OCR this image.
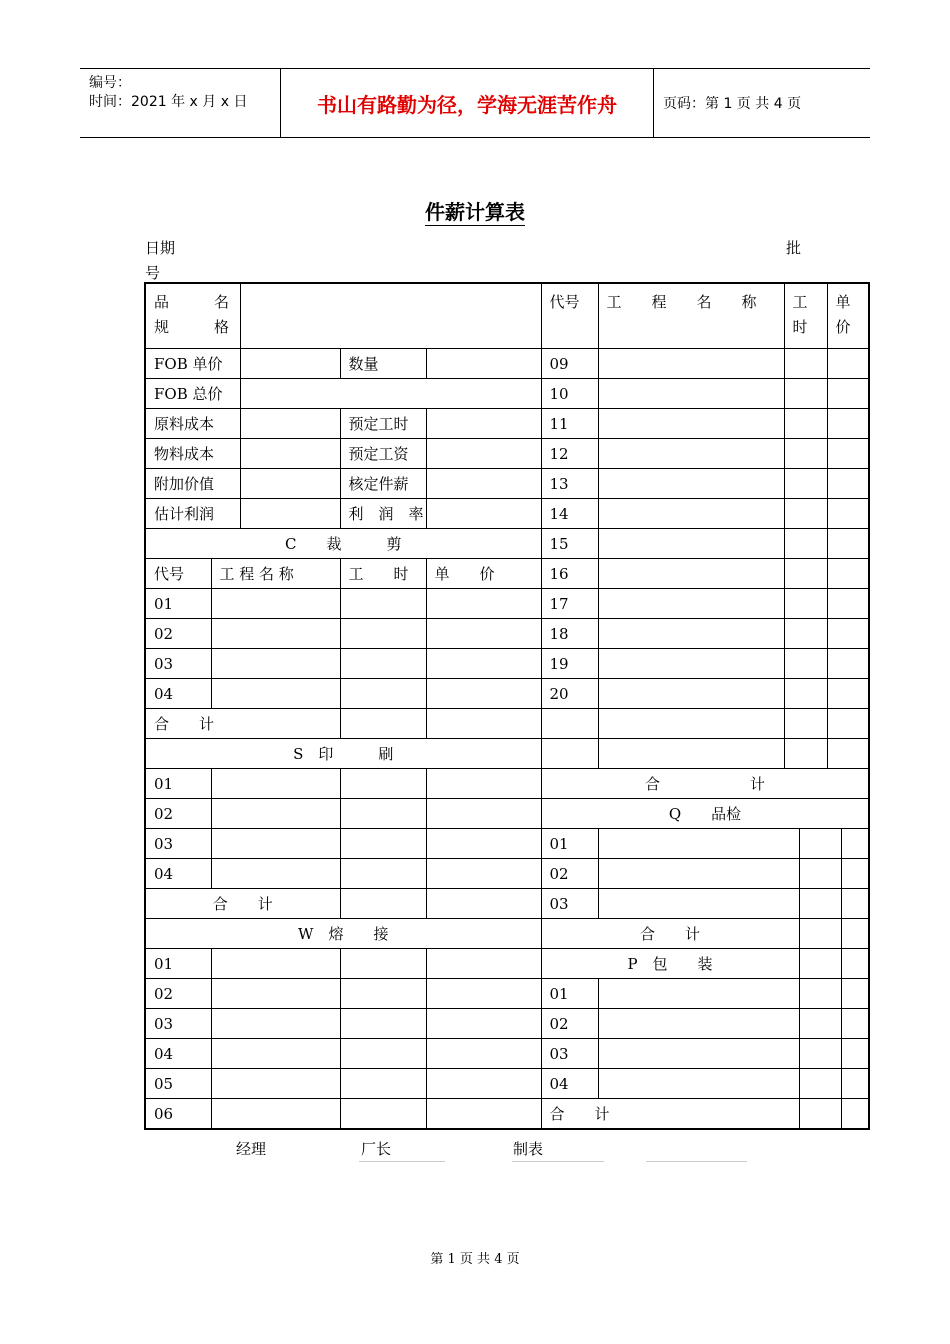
编号：
时间：2021 年 x 月 x 日	书山有路勤为径，学海无涯苦作舟	页码：第 1 页 共 4 页
件薪计算表
日期	批
号
品　　　名
规　　　格					代号	工　　程　　名　　称	工
时		单
价	
FOB 单价			数量		09					
FOB 总价					10					
原料成本			预定工时		11					
物料成本			预定工资		12					
附加价值			核定件薪		13					
估计利润			利　润　率		14					
C　　裁　　　剪					15					
代号	工 程 名 称		工　　时	单　　价	16					
01					17					
02					18					
03					19					
04					20					
合　　计										
S　印　　　刷										
01					合　　　　　　计					
02					Q　　品检					
03					01					
04					02					
合　　计					03					
W　熔　　接					合　　计					
01					P　包　　装					
02					01					
03					02					
04					03					
05					04					
06					合　　计					
经理	厂长	制表
第 1 页 共 4 页
